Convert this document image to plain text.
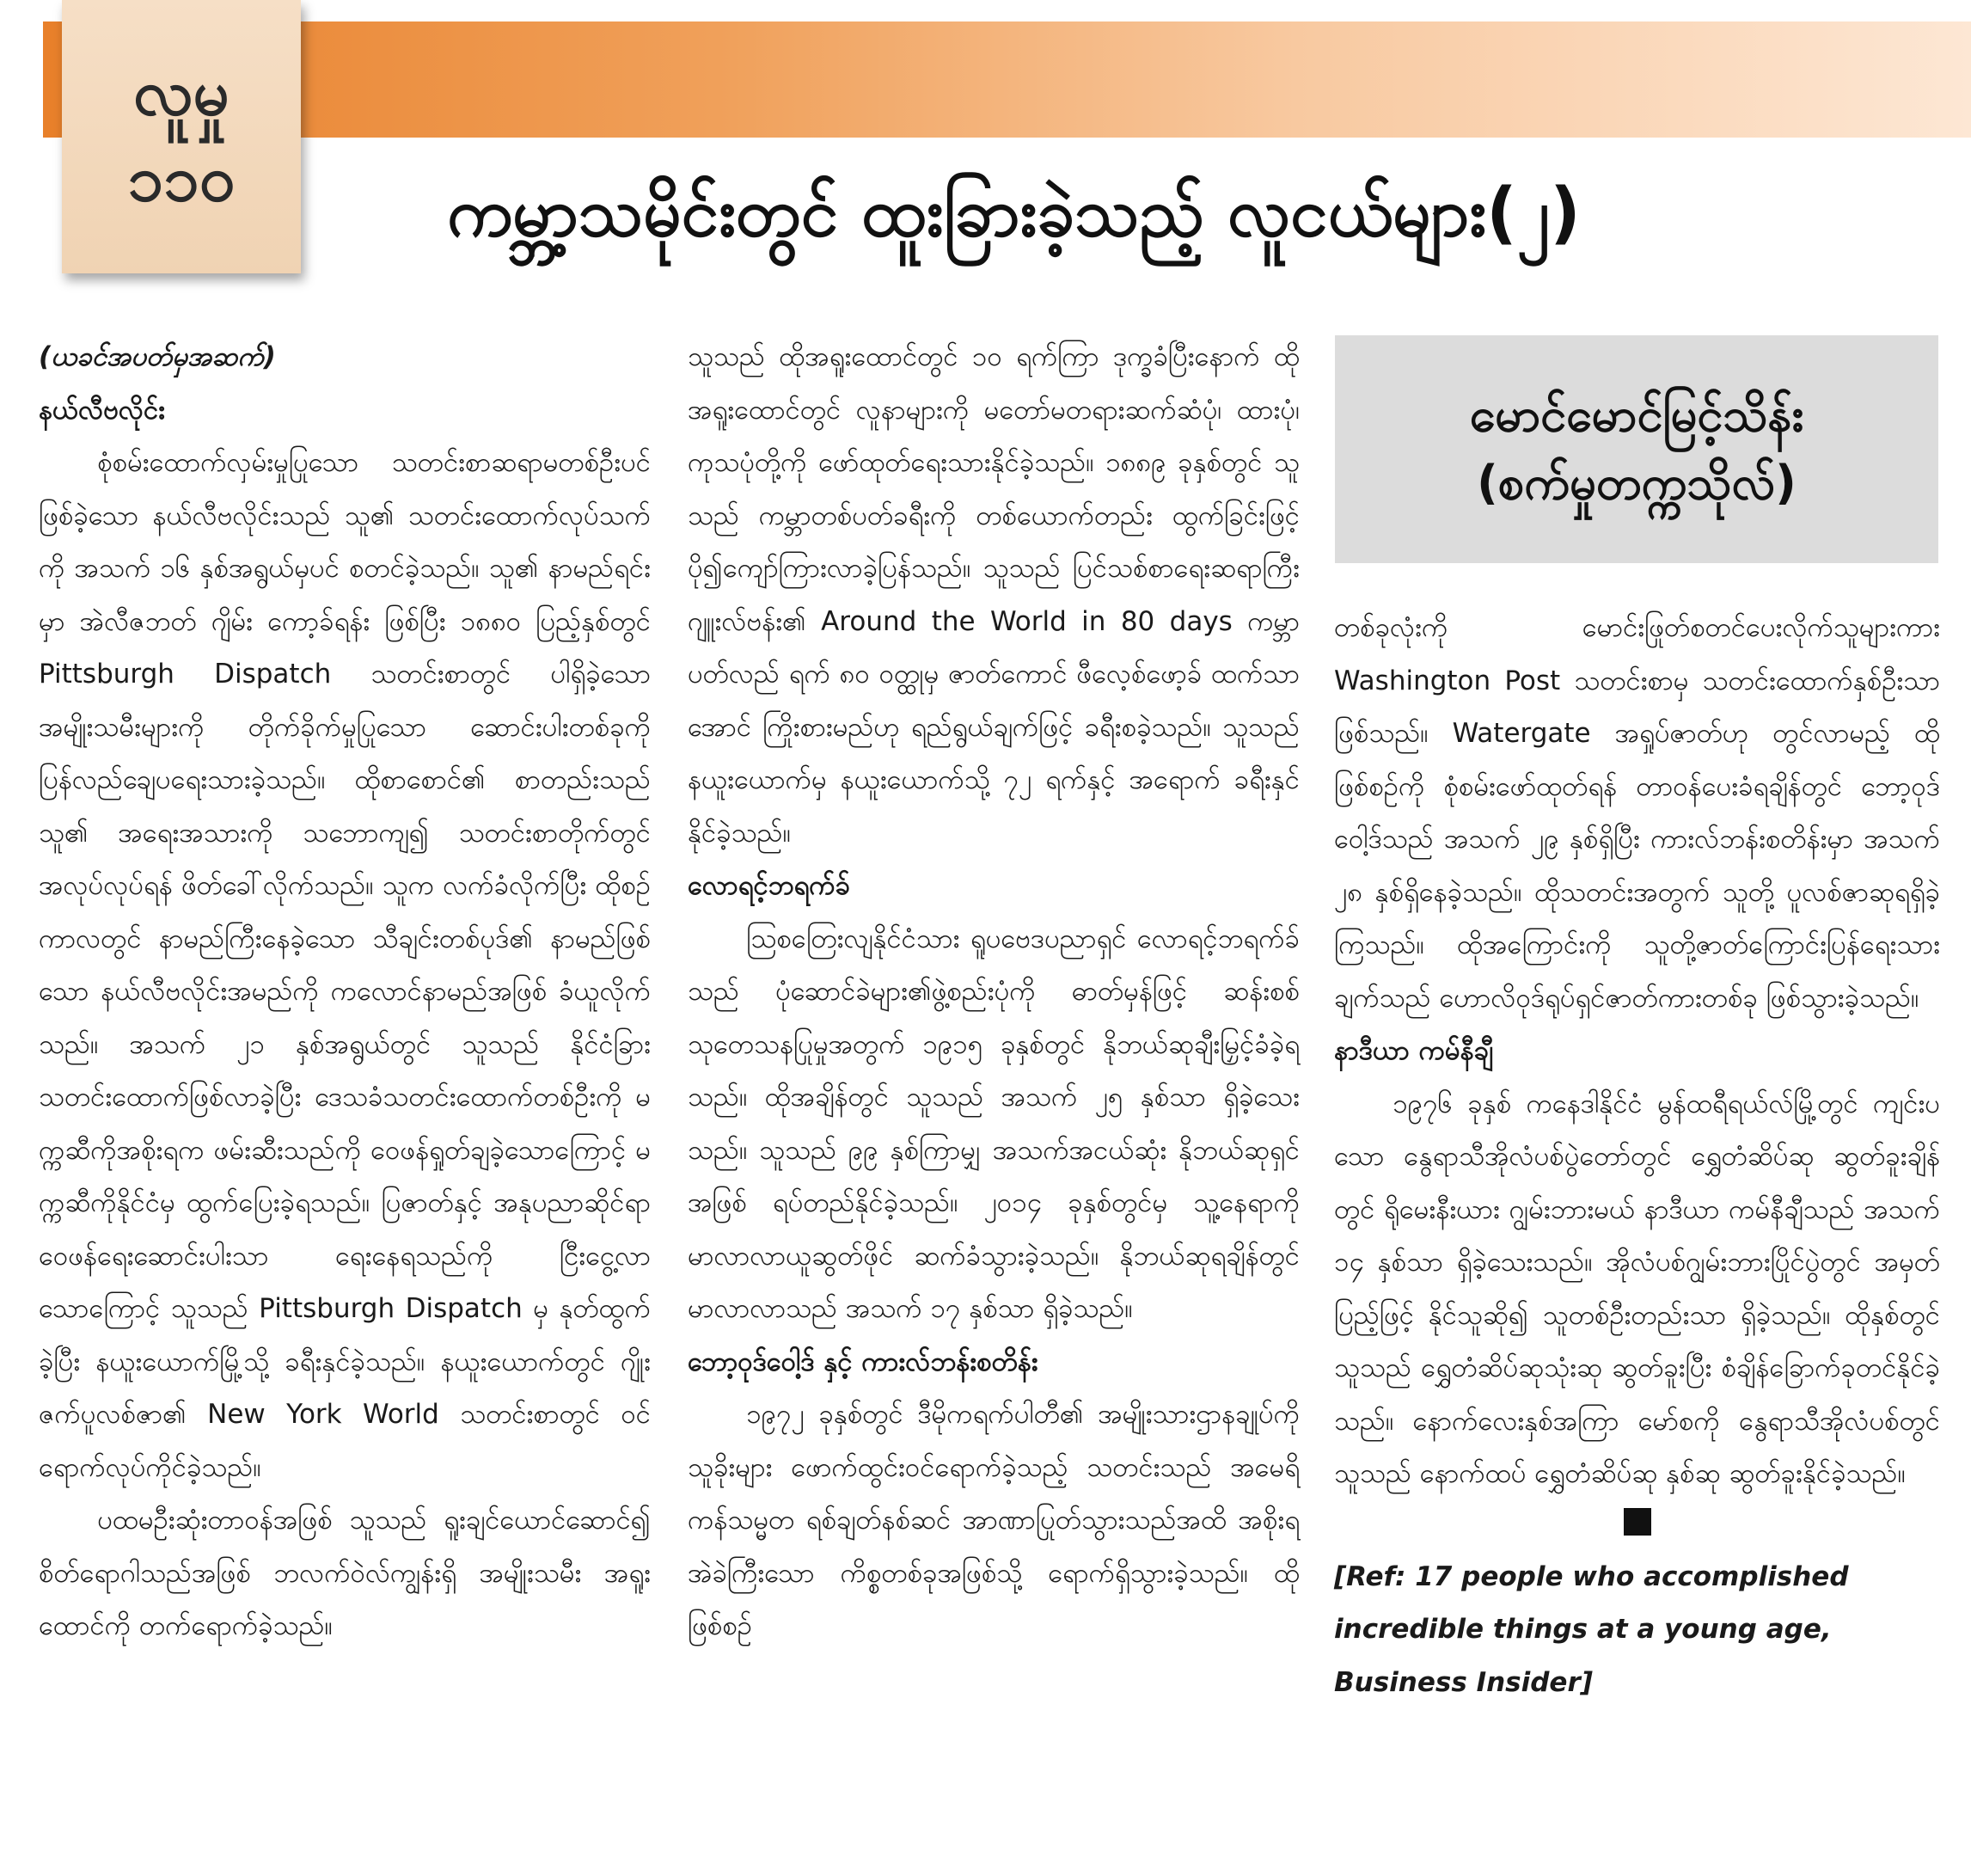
လူမှု
၁၁၀	ကမ္ဘာ့သမိုင်းတွင် ထူးခြားခဲ့သည့် လူငယ်များ(၂)

(ယခင်အပတ်မှအဆက်)

နယ်လီဗလိုင်း

စုံစမ်းထောက်လှမ်းမှုပြုသော သတင်းစာဆရာမတစ်ဦးပင်ဖြစ်ခဲ့သော နယ်လီဗလိုင်းသည် သူ၏ သတင်းထောက်လုပ်သက်ကို အသက် ၁၆ နှစ်အရွယ်မှပင် စတင်ခဲ့သည်။ သူ၏ နာမည်ရင်းမှာ အဲလီဇဘတ် ဂျိမ်း ကော့ခ်ရန်း ဖြစ်ပြီး ၁၈၈၀ ပြည့်နှစ်တွင် Pittsburgh Dispatch သတင်းစာတွင် ပါရှိခဲ့သော အမျိုးသမီးများကို တိုက်ခိုက်မှုပြုသော ဆောင်းပါးတစ်ခုကို ပြန်လည်ချေပရေးသားခဲ့သည်။ ထိုစာစောင်၏ စာတည်းသည် သူ၏ အရေးအသားကို သဘောကျ၍ သတင်းစာတိုက်တွင် အလုပ်လုပ်ရန် ဖိတ်ခေါ်လိုက်သည်။ သူက လက်ခံလိုက်ပြီး ထိုစဉ်ကာလတွင် နာမည်ကြီးနေခဲ့သော သီချင်းတစ်ပုဒ်၏ နာမည်ဖြစ်သော နယ်လီဗလိုင်းအမည်ကို ကလောင်နာမည်အဖြစ် ခံယူလိုက်သည်။ အသက် ၂၁ နှစ်အရွယ်တွင် သူသည် နိုင်ငံခြားသတင်းထောက်ဖြစ်လာခဲ့ပြီး ဒေသခံသတင်းထောက်တစ်ဦးကို မက္ကဆီကိုအစိုးရက ဖမ်းဆီးသည်ကို ဝေဖန်ရှုတ်ချခဲ့သောကြောင့် မက္ကဆီကိုနိုင်ငံမှ ထွက်ပြေးခဲ့ရသည်။ ပြဇာတ်နှင့် အနုပညာဆိုင်ရာ ဝေဖန်ရေးဆောင်းပါးသာ ရေးနေရသည်ကို ငြီးငွေ့လာသောကြောင့် သူသည် Pittsburgh Dispatch မှ နုတ်ထွက်ခဲ့ပြီး နယူးယောက်မြို့သို့ ခရီးနှင်ခဲ့သည်။ နယူးယောက်တွင် ဂျိုးဇက်ပူလစ်ဇာ၏ New York World သတင်းစာတွင် ဝင်ရောက်လုပ်ကိုင်ခဲ့သည်။

ပထမဦးဆုံးတာဝန်အဖြစ် သူသည် ရူးချင်ယောင်ဆောင်၍ စိတ်ရောဂါသည်အဖြစ် ဘလက်ဝဲလ်ကျွန်းရှိ အမျိုးသမီး အရူးထောင်ကို တက်ရောက်ခဲ့သည်။

သူသည် ထိုအရူးထောင်တွင် ၁၀ ရက်ကြာ ဒုက္ခခံပြီးနောက် ထိုအရူးထောင်တွင် လူနာများကို မတော်မတရားဆက်ဆံပုံ၊ ထားပုံ၊ ကုသပုံတို့ကို ဖော်ထုတ်ရေးသားနိုင်ခဲ့သည်။ ၁၈၈၉ ခုနှစ်တွင် သူသည် ကမ္ဘာတစ်ပတ်ခရီးကို တစ်ယောက်တည်း ထွက်ခြင်းဖြင့် ပို၍ကျော်ကြားလာခဲ့ပြန်သည်။ သူသည် ပြင်သစ်စာရေးဆရာကြီး ဂျူးလ်ဗန်း၏ Around the World in 80 days ကမ္ဘာပတ်လည် ရက် ၈၀ ဝတ္ထုမှ ဇာတ်ကောင် ဖီလေ့စ်ဖော့ခ် ထက်သာအောင် ကြိုးစားမည်ဟု ရည်ရွယ်ချက်ဖြင့် ခရီးစခဲ့သည်။ သူသည် နယူးယောက်မှ နယူးယောက်သို့ ၇၂ ရက်နှင့် အရောက် ခရီးနှင်နိုင်ခဲ့သည်။

လောရင့်ဘရက်ခ်

ဩစတြေးလျနိုင်ငံသား ရူပဗေဒပညာရှင် လောရင့်ဘရက်ခ်သည် ပုံဆောင်ခဲများ၏ဖွဲ့စည်းပုံကို ဓာတ်မှန်ဖြင့် ဆန်းစစ်သုတေသနပြုမှုအတွက် ၁၉၁၅ ခုနှစ်တွင် နိုဘယ်ဆုချီးမြှင့်ခံခဲ့ရသည်။ ထိုအချိန်တွင် သူသည် အသက် ၂၅ နှစ်သာ ရှိခဲ့သေးသည်။ သူသည် ၉၉ နှစ်ကြာမျှ အသက်အငယ်ဆုံး နိုဘယ်ဆုရှင်အဖြစ် ရပ်တည်နိုင်ခဲ့သည်။ ၂၀၁၄ ခုနှစ်တွင်မှ သူ့နေရာကို မာလာလာယူဆွတ်ဖိုင် ဆက်ခံသွားခဲ့သည်။ နိုဘယ်ဆုရချိန်တွင် မာလာလာသည် အသက် ၁၇ နှစ်သာ ရှိခဲ့သည်။

ဘော့ဝုဒ်ဝေါ့ဒ် နှင့် ကားလ်ဘန်းစတိန်း

၁၉၇၂ ခုနှစ်တွင် ဒီမိုကရက်ပါတီ၏ အမျိုးသားဌာနချုပ်ကို သူခိုးများ ဖောက်ထွင်းဝင်ရောက်ခဲ့သည့် သတင်းသည် အမေရိကန်သမ္မတ ရစ်ချတ်နစ်ဆင် အာဏာပြုတ်သွားသည်အထိ အစိုးရအဲခဲကြီးသော ကိစ္စတစ်ခုအဖြစ်သို့ ရောက်ရှိသွားခဲ့သည်။ ထိုဖြစ်စဉ်

မောင်မောင်မြင့်သိန်း
(စက်မှုတက္ကသိုလ်)

တစ်ခုလုံးကို မောင်းဖြုတ်စတင်ပေးလိုက်သူများကား Washington Post သတင်းစာမှ သတင်းထောက်နှစ်ဦးသာဖြစ်သည်။ Watergate အရှုပ်ဇာတ်ဟု တွင်လာမည့် ထိုဖြစ်စဉ်ကို စုံစမ်းဖော်ထုတ်ရန် တာဝန်ပေးခံရချိန်တွင် ဘော့ဝုဒ်ဝေါ့ဒ်သည် အသက် ၂၉ နှစ်ရှိပြီး ကားလ်ဘန်းစတိန်းမှာ အသက် ၂၈ နှစ်ရှိနေခဲ့သည်။ ထိုသတင်းအတွက် သူတို့ ပူလစ်ဇာဆုရရှိခဲ့ကြသည်။ ထိုအကြောင်းကို သူတို့ဇာတ်ကြောင်းပြန်ရေးသားချက်သည် ဟောလိဝုဒ်ရုပ်ရှင်ဇာတ်ကားတစ်ခု ဖြစ်သွားခဲ့သည်။

နာဒီယာ ကမ်နီချီ

၁၉၇၆ ခုနှစ် ကနေဒါနိုင်ငံ မွန်ထရီရယ်လ်မြို့တွင် ကျင်းပသော နွေရာသီအိုလံပစ်ပွဲတော်တွင် ရွှေတံဆိပ်ဆု ဆွတ်ခူးချိန်တွင် ရိုမေးနီးယား ဂျွမ်းဘားမယ် နာဒီယာ ကမ်နီချီသည် အသက် ၁၄ နှစ်သာ ရှိခဲ့သေးသည်။ အိုလံပစ်ဂျွမ်းဘားပြိုင်ပွဲတွင် အမှတ်ပြည့်ဖြင့် နိုင်သူဆို၍ သူတစ်ဦးတည်းသာ ရှိခဲ့သည်။ ထိုနှစ်တွင် သူသည် ရွှေတံဆိပ်ဆုသုံးဆု ဆွတ်ခူးပြီး စံချိန်ခြောက်ခုတင်နိုင်ခဲ့သည်။ နောက်လေးနှစ်အကြာ မော်စကို နွေရာသီအိုလံပစ်တွင် သူသည် နောက်ထပ် ရွှေတံဆိပ်ဆု နှစ်ဆု ဆွတ်ခူးနိုင်ခဲ့သည်။

[Ref: 17 people who accomplished incredible things at a young age, Business Insider]
